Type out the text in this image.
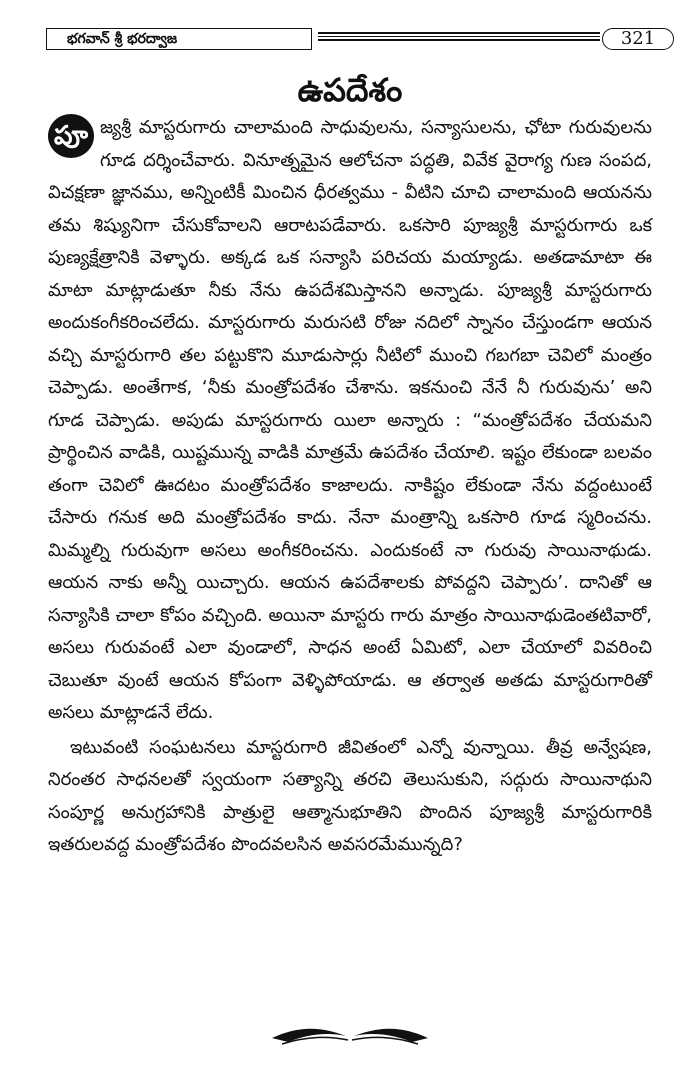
భగవాన్ శ్రీ భరద్వాజ	321
ఉపదేశం

పూ జ్యశ్రీ మాస్టరుగారు చాలామంది సాధువులను, సన్యాసులను, ఛోటా గురువులను గూడ దర్శించేవారు. వినూత్నమైన ఆలోచనా పద్ధతి, వివేక వైరాగ్య గుణ సంపద, విచక్షణా జ్ఞానము, అన్నింటికీ మించిన ధీరత్వము - వీటిని చూచి చాలామంది ఆయనను తమ శిష్యునిగా చేసుకోవాలని ఆరాటపడేవారు. ఒకసారి పూజ్యశ్రీ మాస్టరుగారు ఒక పుణ్యక్షేత్రానికి వెళ్ళారు. అక్కడ ఒక సన్యాసి పరిచయ మయ్యాడు. అతడామాటా ఈ మాటా మాట్లాడుతూ నీకు నేను ఉపదేశమిస్తానని అన్నాడు. పూజ్యశ్రీ మాస్టరుగారు అందుకంగీకరించలేదు. మాస్టరుగారు మరుసటి రోజు నదిలో స్నానం చేస్తుండగా ఆయన వచ్చి మాస్టరుగారి తల పట్టుకొని మూడుసార్లు నీటిలో ముంచి గబగబా చెవిలో మంత్రం చెప్పాడు. అంతేగాక, ‘నీకు మంత్రోపదేశం చేశాను. ఇకనుంచి నేనే నీ గురువును’ అని గూడ చెప్పాడు. అపుడు మాస్టరుగారు యిలా అన్నారు : “మంత్రోపదేశం చేయమని ప్రార్థించిన వాడికి, యిష్టమున్న వాడికి మాత్రమే ఉపదేశం చేయాలి. ఇష్టం లేకుండా బలవం తంగా చెవిలో ఊదటం మంత్రోపదేశం కాజాలదు. నాకిష్టం లేకుండా నేను వద్దంటుంటే చేసారు గనుక అది మంత్రోపదేశం కాదు. నేనా మంత్రాన్ని ఒకసారి గూడ స్మరించను. మిమ్మల్ని గురువుగా అసలు అంగీకరించను. ఎందుకంటే నా గురువు సాయినాథుడు. ఆయన నాకు అన్నీ యిచ్చారు. ఆయన ఉపదేశాలకు పోవద్దని చెప్పారు’. దానితో ఆ సన్యాసికి చాలా కోపం వచ్చింది. అయినా మాస్టరు గారు మాత్రం సాయినాథుడెంతటివారో, అసలు గురువంటే ఎలా వుండాలో, సాధన అంటే ఏమిటో, ఎలా చేయాలో వివరించి చెబుతూ వుంటే ఆయన కోపంగా వెళ్ళిపోయాడు. ఆ తర్వాత అతడు మాస్టరుగారితో అసలు మాట్లాడనే లేదు.

ఇటువంటి సంఘటనలు మాస్టరుగారి జీవితంలో ఎన్నో వున్నాయి. తీవ్ర అన్వేషణ, నిరంతర సాధనలతో స్వయంగా సత్యాన్ని తరచి తెలుసుకుని, సద్గురు సాయినాథుని సంపూర్ణ అనుగ్రహానికి పాత్రులై ఆత్మానుభూతిని పొందిన పూజ్యశ్రీ మాస్టరుగారికి ఇతరులవద్ద మంత్రోపదేశం పొందవలసిన అవసరమేమున్నది?
